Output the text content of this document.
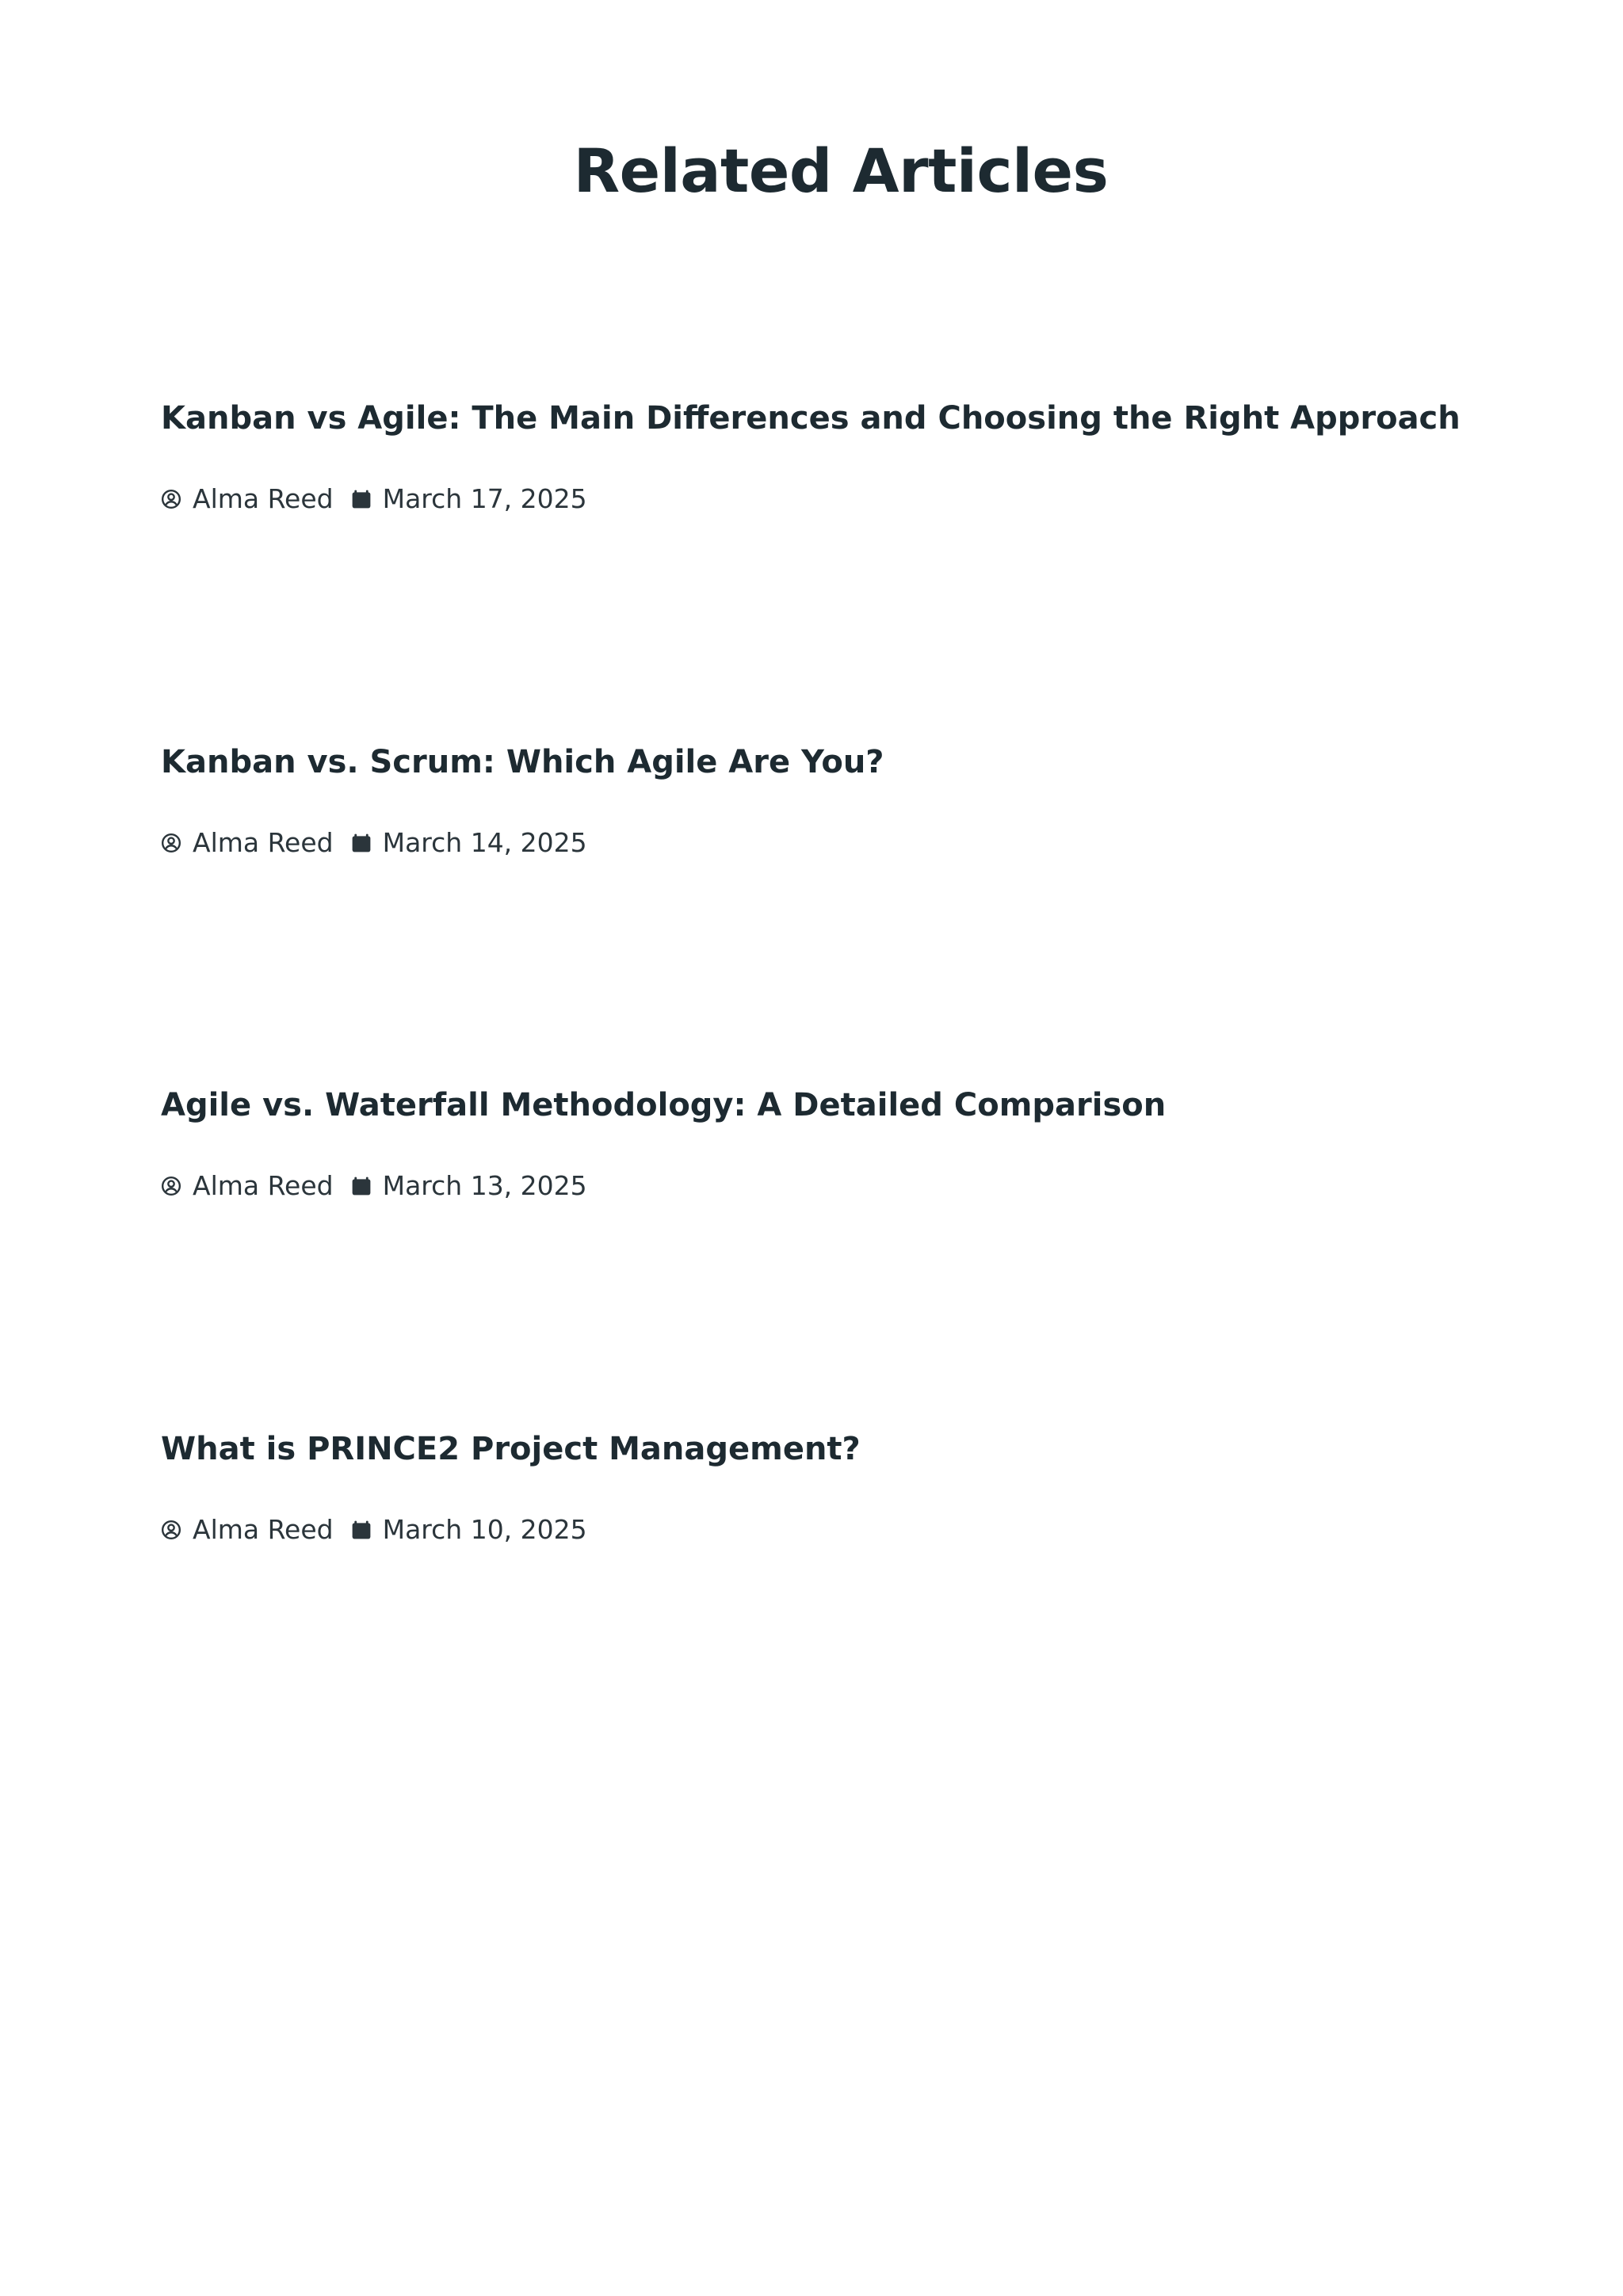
Related Articles
Kanban vs Agile: The Main Differences and Choosing the Right Approach
Alma Reed March 17, 2025
Kanban vs. Scrum: Which Agile Are You?
Alma Reed March 14, 2025
Agile vs. Waterfall Methodology: A Detailed Comparison
Alma Reed March 13, 2025
What is PRINCE2 Project Management?
Alma Reed March 10, 2025
